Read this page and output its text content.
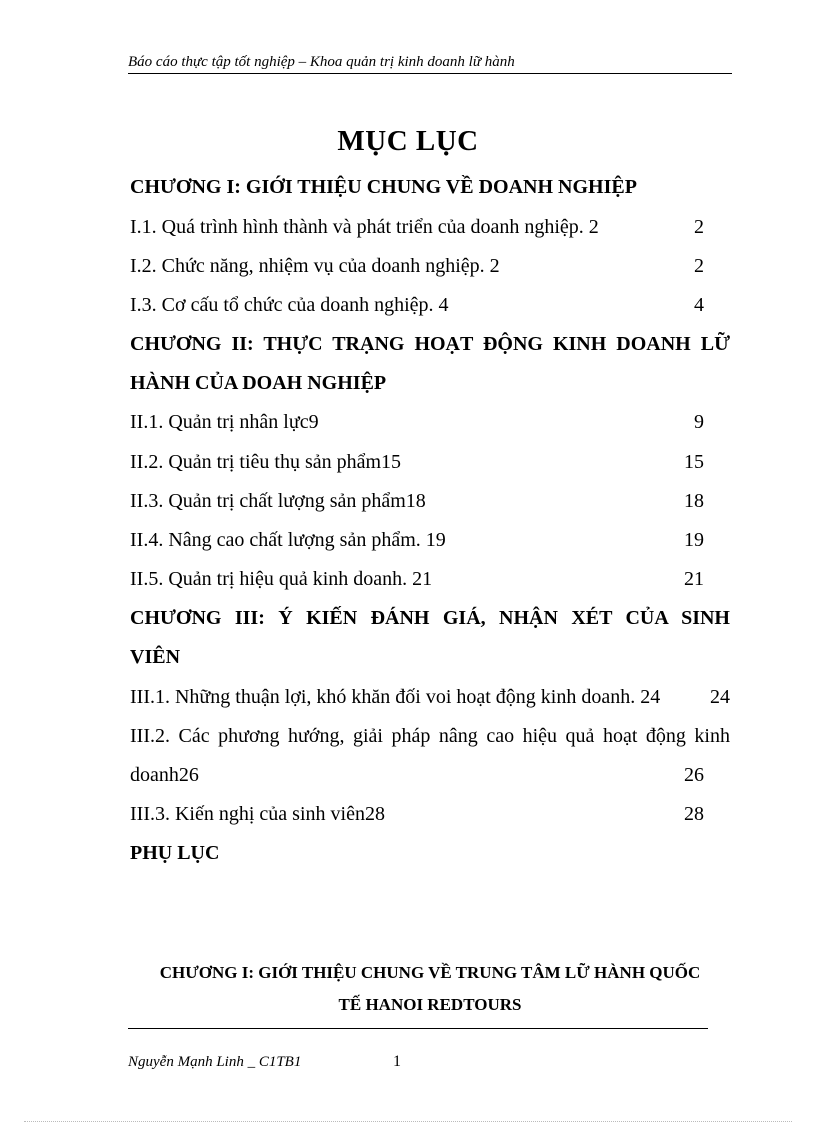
Báo cáo thực tập tốt nghiệp – Khoa quản trị kinh doanh lữ hành
MỤC LỤC
CHƯƠNG I: GIỚI THIỆU CHUNG VỀ DOANH NGHIỆP
I.1. Quá trình hình thành và phát triển của doanh nghiệp. 2	2
I.2. Chức năng, nhiệm vụ của doanh nghiệp. 2	2
I.3. Cơ cấu tổ chức của doanh nghiệp. 4	4
CHƯƠNG II: THỰC TRẠNG HOẠT ĐỘNG KINH DOANH LỮ
HÀNH CỦA DOAH NGHIỆP
II.1. Quản trị nhân lực9	9
II.2. Quản trị tiêu thụ sản phẩm15	15
II.3. Quản trị chất lượng sản phẩm18	18
II.4. Nâng cao chất lượng sản phẩm. 19	19
II.5. Quản trị hiệu quả kinh doanh. 21	21
CHƯƠNG III: Ý KIẾN ĐÁNH GIÁ, NHẬN XÉT CỦA SINH
VIÊN
III.1. Những thuận lợi, khó khăn đối voi hoạt động kinh doanh. 24 24
III.2. Các phương hướng, giải pháp nâng cao hiệu quả hoạt động kinh
doanh26	26
III.3. Kiến nghị của sinh viên28	28
PHỤ LỤC
CHƯƠNG I: GIỚI THIỆU CHUNG VỀ TRUNG TÂM LỮ HÀNH QUỐC
TẾ HANOI REDTOURS
Nguyễn Mạnh Linh _ C1TB1	1
